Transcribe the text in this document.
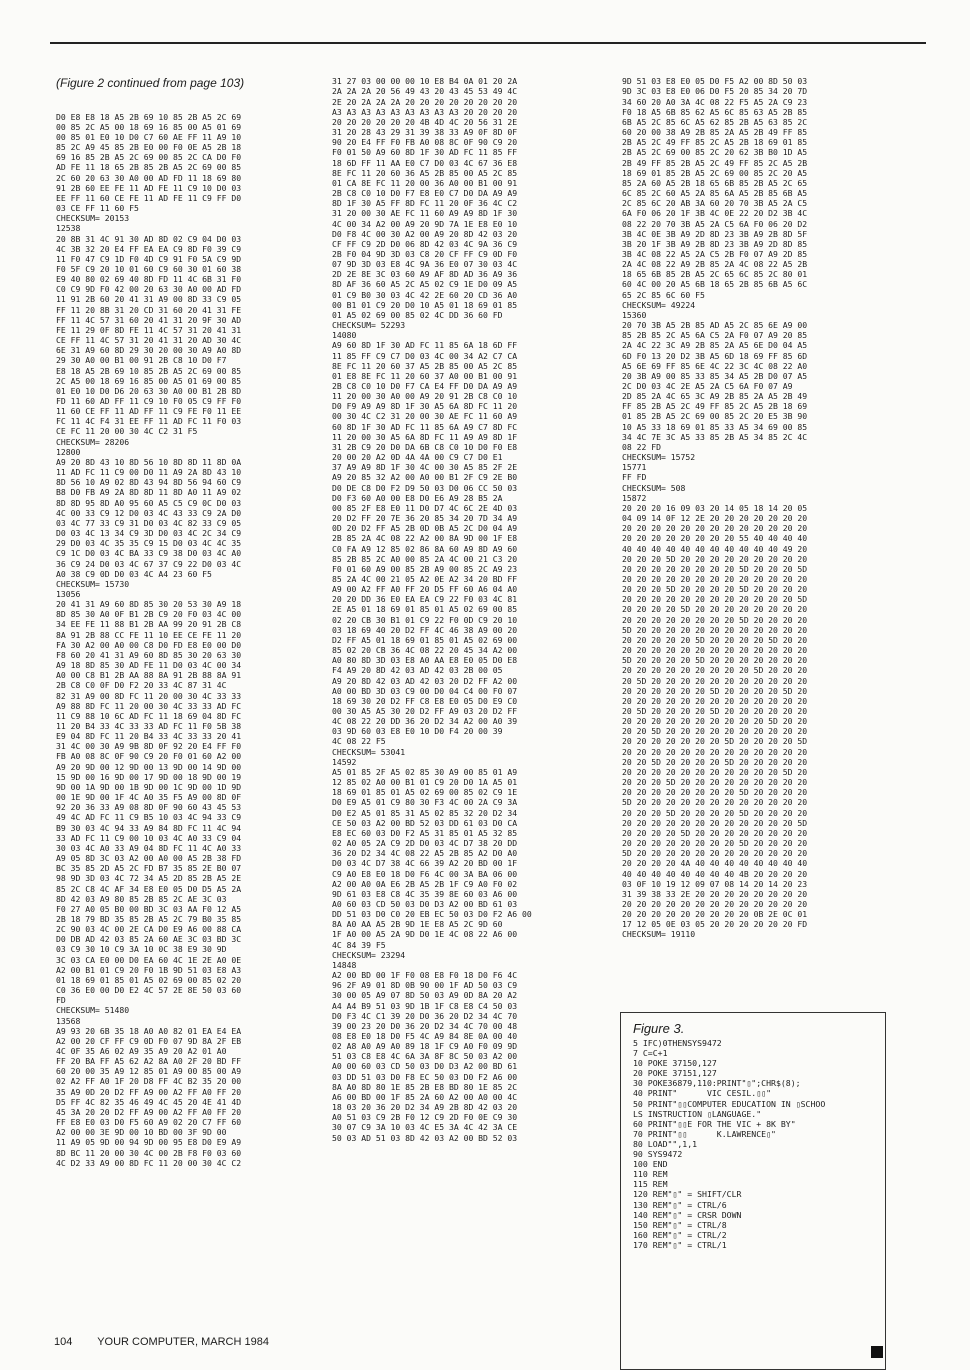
(Figure 2 continued from page 103)

D0 E8 E8 18 A5 2B 69 10 85 2B A5 2C 69
00 85 2C A5 00 18 69 16 85 00 A5 01 69
00 85 01 E0 10 D0 C7 60 AE FF 11 A9 10
85 2C A9 45 85 2B E0 00 F0 0E A5 2B 18
69 16 85 2B A5 2C 69 00 85 2C CA D0 F0
AD FE 11 18 65 2B 85 2B A5 2C 69 00 85
2C 60 20 63 30 A0 00 AD FD 11 18 69 80
91 2B 60 EE FE 11 AD FE 11 C9 10 D0 03
EE FF 11 60 CE FE 11 AD FE 11 C9 FF D0
03 CE FF 11 60 F5
CHECKSUM= 20153
12538
20 8B 31 4C 91 30 AD 8D 02 C9 04 D0 03
4C 3B 32 20 E4 FF EA EA C9 8D F0 39 C9
11 F0 47 C9 1D F0 4D C9 91 F0 5A C9 9D
F0 5F C9 20 10 01 60 C9 60 30 01 60 38
E9 40 80 02 69 40 8D FD 11 4C 6B 31 F0
C0 C9 9D F0 42 00 20 63 30 A0 00 AD FD
11 91 2B 60 20 41 31 A9 00 8D 33 C9 05
FF 11 20 8B 31 20 CD 31 60 20 41 31 FE
FF 11 4C 57 31 60 20 41 31 20 9F 30 AD
FE 11 29 0F 8D FE 11 4C 57 31 20 41 31
CE FF 11 4C 57 31 20 41 31 20 AD 30 4C
6E 31 A9 60 8D 29 30 20 00 30 A9 A0 8D
29 30 A0 00 B1 00 91 2B C8 10 D0 F7
E8 18 A5 2B 69 10 85 2B A5 2C 69 00 85
2C A5 00 18 69 16 85 00 A5 01 69 00 85
01 E0 10 D0 D6 20 63 30 A0 00 B1 2B 8D
FD 11 60 AD FF 11 C9 10 F0 05 C9 FF F0
11 60 CE FF 11 AD FF 11 C9 FE F0 11 EE
FC 11 4C F4 31 EE FF 11 AD FC 11 F0 03
CE FC 11 20 00 30 4C C2 31 F5
CHECKSUM= 28206
12800
A9 20 8D 43 10 8D 56 10 8D 8D 11 8D 0A
11 AD FC 11 C9 00 D0 11 A9 2A 8D 43 10
8D 56 10 A9 02 8D 43 94 8D 56 94 60 C9
B8 D0 FB A9 2A 8D 8D 11 8D A0 11 A9 02
8D 8D 95 8D A0 95 60 A5 C5 C9 0C D0 03
4C 00 33 C9 12 D0 03 4C 43 33 C9 2A D0
03 4C 77 33 C9 31 D0 03 4C 82 33 C9 05
D0 03 4C 13 34 C9 3D D0 03 4C 2C 34 C9
29 D0 03 4C 35 35 C9 15 D0 03 4C 4C 35
C9 1C D0 03 4C BA 33 C9 38 D0 03 4C A0
36 C9 24 D0 03 4C 67 37 C9 22 D0 03 4C
A0 38 C9 0D D0 03 4C A4 23 60 F5
CHECKSUM= 15730
13056
20 41 31 A9 60 8D 85 30 20 53 30 A9 18
8D 85 30 A0 0F B1 2B C9 20 F0 03 4C 00
34 EE FE 11 88 B1 2B AA 99 20 91 2B C8
8A 91 2B 88 CC FE 11 10 EE CE FE 11 20
FA 30 A2 00 A0 00 C8 D0 FD E8 E0 00 D0
F8 60 20 41 31 A9 60 8D 85 30 20 63 30
A9 18 8D 85 30 AD FE 11 D0 03 4C 00 34
A0 00 C8 B1 2B AA 88 8A 91 2B 88 8A 91
2B C8 C0 0F D0 F2 20 33 4C 87 31 4C
82 31 A9 00 8D FC 11 20 00 30 4C 33 33
A9 88 8D FC 11 20 00 30 4C 33 33 AD FC
11 C9 88 10 6C AD FC 11 18 69 04 8D FC
11 20 B4 33 4C 33 33 AD FC 11 F0 5B 38
E9 04 8D FC 11 20 B4 33 4C 33 33 20 41
31 4C 00 30 A9 9B 8D 0F 92 20 E4 FF F0
FB A0 08 8C 0F 90 C9 20 F0 01 60 A2 00
A9 20 9D 00 12 9D 00 13 9D 00 14 9D 00
15 9D 00 16 9D 00 17 9D 00 18 9D 00 19
9D 00 1A 9D 00 1B 9D 00 1C 9D 00 1D 9D
00 1E 9D 00 1F 4C A0 35 F5 A9 00 8D 0F
92 20 36 33 A9 08 8D 0F 90 60 43 45 53
49 4C AD FC 11 C9 B5 10 03 4C 94 33 C9
B9 30 03 4C 94 33 A9 84 8D FC 11 4C 94
33 AD FC 11 C9 00 10 03 4C A0 33 C9 04
30 03 4C A0 33 A9 04 8D FC 11 4C A0 33
A9 05 8D 3C 03 A2 00 A0 00 A5 2B 38 FD
BC 35 85 2D A5 2C FD B7 35 85 2E B0 07
98 9D 3D 03 4C 72 34 A5 2D 85 2B A5 2E
85 2C C8 4C AF 34 E8 E0 05 D0 D5 A5 2A
8D 42 03 A9 80 85 2B 85 2C AE 3C 03
F0 27 A0 05 B0 00 BD 3C 03 AA F0 12 A5
2B 18 79 BD 35 85 2B A5 2C 79 B0 35 85
2C 90 03 4C 00 2E CA D0 E9 A6 00 88 CA
D0 DB AD 42 03 85 2A 60 AE 3C 03 BD 3C
03 C9 30 10 C9 3A 10 0C 38 E9 30 9D
3C 03 CA E0 00 D0 EA 60 4C 1E 2E A0 0E
A2 00 B1 01 C9 20 F0 1B 9D 51 03 E8 A3
01 18 69 01 85 01 A5 02 69 00 85 02 20
C0 36 E0 00 D0 E2 4C 57 2E 8E 50 03 60
FD
CHECKSUM= 51480
13568
A9 93 20 6B 35 18 A0 A0 82 01 EA E4 EA
A2 00 20 CF FF C9 0D F0 07 9D 8A 2F EB
4C 0F 35 A6 02 A9 35 A9 20 A2 01 A0
FF 20 BA FF A5 62 A2 8A A0 2F 20 BD FF
60 20 00 35 A9 12 85 01 A9 00 85 00 A9
02 A2 FF A0 1F 20 D8 FF 4C B2 35 20 00
35 A9 0D 20 D2 FF A9 00 A2 FF A0 FF 20
D5 FF 4C 82 35 46 49 4C 45 20 4E 41 4D
45 3A 20 20 D2 FF A9 00 A2 FF A0 FF 20
FF E8 E0 03 D0 F5 60 A9 02 20 C7 FF 60
A2 00 00 3E 9D 00 10 BD 00 3F 9D 00
11 A9 05 9D 00 94 9D 00 95 E8 D0 E9 A9
8D BC 11 20 00 30 4C 00 2B F8 F0 03 60
4C D2 33 A9 00 8D FC 11 20 00 30 4C C2

31 27 03 00 00 00 10 E8 B4 0A 01 20 2A
2A 2A 2A 20 56 49 43 20 43 45 53 49 4C
2E 20 2A 2A 2A 20 20 20 20 20 20 20 20
A3 A3 A3 A3 A3 A3 A3 A3 A3 20 20 20 20
20 20 20 20 20 20 4B 4D 4C 20 56 31 2E
31 20 28 43 29 31 39 38 33 A9 0F 8D 0F
90 20 E4 FF F0 FB A0 08 8C 0F 90 C9 20
F0 01 50 A9 60 8D 1F 30 AD FC 11 85 FF
18 6D FF 11 AA E0 C7 D0 03 4C 67 36 E8
8E FC 11 20 60 36 A5 2B 85 00 A5 2C 85
01 CA 8E FC 11 20 00 36 A0 00 B1 00 91
2B C8 C0 10 D0 F7 E8 E0 C7 D0 DA A9 A9
8D 1F 30 A5 FF 8D FC 11 20 0F 36 4C C2
31 20 00 30 AE FC 11 60 A9 A9 8D 1F 30
4C 00 34 A2 00 A9 20 9D 7A 1E E8 E0 10
D0 F8 4C 00 30 A2 00 A9 20 8D 42 03 20
CF FF C9 2D D0 06 8D 42 03 4C 9A 36 C9
2B F0 04 9D 3D 03 C8 20 CF FF C9 0D F0
07 9D 3D 03 E8 4C 9A 36 E0 07 30 03 4C
2D 2E 8E 3C 03 60 A9 AF 8D AD 36 A9 36
8D AF 36 60 A5 2C A5 02 C9 1E D0 09 A5
01 C9 B0 30 03 4C 42 2E 60 20 CD 36 A0
00 B1 01 C9 20 D0 10 A5 01 18 69 01 85
01 A5 02 69 00 85 02 4C DD 36 60 FD
CHECKSUM= 52293
14080
A9 60 8D 1F 30 AD FC 11 85 6A 18 6D FF
11 85 FF C9 C7 D0 03 4C 00 34 A2 C7 CA
8E FC 11 20 60 37 A5 2B 85 00 A5 2C 85
01 E8 8E FC 11 20 60 37 A0 00 B1 00 91
2B C8 C0 10 D0 F7 CA E4 FF D0 DA A9 A9
11 20 00 30 A0 00 A9 20 91 2B C8 C0 10
D0 F9 A9 A9 8D 1F 30 A5 6A 8D FC 11 20
00 30 4C C2 31 20 00 30 AE FC 11 60 A9
60 8D 1F 30 AD FC 11 85 6A A9 C7 8D FC
11 20 00 30 A5 6A 8D FC 11 A9 A9 8D 1F
31 2B C9 20 D0 DA 6B C8 C0 10 D0 F0 E8
20 00 20 A2 0D 4A 4A 00 C9 C7 D0 E1
37 A9 A9 8D 1F 30 4C 00 30 A5 85 2F 2E
A9 20 85 32 A2 00 A0 00 B1 2F C9 2E B0
D0 DE C8 D0 F2 D9 50 03 D0 06 CC 50 03
D0 F3 60 A0 00 E8 D0 E6 A9 28 B5 2A
00 85 2F E8 E0 11 D0 D7 4C 6C 2E 4D 03
20 D2 FF 20 7E 36 20 85 34 20 7D 34 A9
0D 20 D2 FF A5 2B 0D 0B A5 2C D0 04 A9
2B 85 2A 4C 08 22 A2 00 8A 9D 00 1F E8
C0 FA A9 12 85 02 86 8A 60 A9 8D A9 60
85 2B 85 2C A0 00 85 2A 4C 00 21 C3 20
F0 01 60 A9 00 85 2B A9 00 85 2C A9 23
85 2A 4C 00 21 05 A2 0E A2 34 20 BD FF
A9 00 A2 FF A0 FF 20 D5 FF 60 A6 04 A0
20 20 DD 36 E0 EA EA C9 22 F0 03 4C 81
2E A5 01 18 69 01 85 01 A5 02 69 00 85
02 20 CB 30 B1 01 C9 22 F0 0D C9 20 10
03 18 69 40 20 D2 FF 4C 46 38 A9 00 20
D2 FF A5 01 18 69 01 85 01 A5 02 69 00
85 02 20 CB 36 4C 08 22 20 45 34 A2 00
A0 80 8D 3D 03 E8 A0 AA E8 E0 05 D0 E8
F4 A9 20 8D 42 03 AD 42 03 2B 00 05
A9 20 8D 42 03 AD 42 03 20 D2 FF A2 00
A0 00 BD 3D 03 C9 00 D0 04 C4 00 F0 07
18 69 30 20 D2 FF C8 E8 E0 05 D0 E9 C0
00 30 A5 A5 30 20 D2 FF A9 03 20 D2 FF
4C 08 22 20 DD 36 20 D2 34 A2 00 A0 39
03 9D 60 03 E8 E0 10 D0 F4 20 00 39
4C 08 22 F5
CHECKSUM= 53041
14592
A5 01 85 2F A5 02 85 30 A9 00 85 01 A9
12 85 02 A0 00 B1 01 C9 20 D0 1A A5 01
18 69 01 85 01 A5 02 69 00 85 02 C9 1E
D0 E9 A5 01 C9 80 30 F3 4C 00 2A C9 3A
D0 E2 A5 01 85 31 A5 02 85 32 20 D2 34
CE 50 03 A2 00 BD 52 03 DD 61 03 D0 CA
E8 EC 60 03 D0 F2 A5 31 85 01 A5 32 85
02 A0 05 2A C9 2D D0 03 4C D7 38 20 DD
36 20 D2 34 4C 08 22 A5 2B 85 A2 D0 A0
D0 03 4C D7 38 4C 66 39 A2 20 BD 00 1F
C9 A0 E8 E0 18 D0 F6 4C 00 3A BA 06 00
A2 00 A0 0A E6 2B A5 2B 1F C9 A0 F0 02
9D 61 03 E8 C8 4C 35 39 8E 60 03 A6 00
A0 60 03 CD 50 03 D0 D3 A2 00 BD 61 03
DD 51 03 D0 C0 20 EB EC 50 03 D0 F2 A6 00
8A A0 AA A5 2B 9D 1E E8 A5 2C 9D 60
1F A0 00 A5 2A 9D D0 1E 4C 08 22 A6 00
4C 84 39 F5
CHECKSUM= 23294
14848
A2 00 BD 00 1F F0 08 E8 F0 18 D0 F6 4C
96 2F A9 01 8D 0B 90 00 1F AD 50 03 C9
30 00 05 A9 07 8D 50 03 A9 0D 8A 20 A2
A4 A4 B9 51 03 9D 1B 1F C8 E8 C4 50 03
D0 F3 4C C1 39 20 D0 36 20 D2 34 4C 70
39 00 23 20 D0 36 20 D2 34 4C 70 00 48
08 E8 E0 18 D0 F5 4C A9 84 8E 0A 00 40
02 A8 A0 A9 A0 89 18 1F C9 A0 F0 09 9D
51 03 C8 E8 4C 6A 3A 8F 8C 50 03 A2 00
A0 00 60 03 CD 50 03 D0 D3 A2 00 BD 61
03 DD 51 03 D0 F8 EC 50 03 D0 F2 A6 00
8A A0 8D 80 1E 85 2B E8 BD 80 1E 85 2C
A6 00 BD 00 1F 85 2A 60 A2 00 A0 00 4C
18 03 20 36 20 D2 34 A9 2B 8D 42 03 20
A0 51 03 C9 2B F0 12 C9 2D F0 0E C9 30
30 07 C9 3A 10 03 4C E5 3A 4C 42 3A CE
50 03 AD 51 03 8D 42 03 A2 00 BD 52 03

9D 51 03 E8 E0 05 D0 F5 A2 00 8D 50 03
9D 3C 03 E8 E0 06 D0 F5 20 85 34 20 7D
34 60 20 A0 3A 4C 08 22 F5 A5 2A C9 23
F0 18 A5 6B 85 62 A5 6C 85 63 A5 2B 85
6B A5 2C 85 6C A5 62 85 2B A5 63 85 2C
60 20 00 38 A9 2B 85 2A A5 2B 49 FF 85
2B A5 2C 49 FF 85 2C A5 2B 18 69 01 85
2B A5 2C 69 00 85 2C 20 62 3B B0 1D A5
2B 49 FF 85 2B A5 2C 49 FF 85 2C A5 2B
18 69 01 85 2B A5 2C 69 00 85 2C 20 A5
85 2A 60 A5 2B 18 65 6B 85 2B A5 2C 65
6C 85 2C 60 A5 2A 85 6A A5 2B 85 6B A5
2C 85 6C 20 AB 3A 60 20 70 3B A5 2A C5
6A F0 06 20 1F 3B 4C 0E 22 20 D2 3B 4C
08 22 20 70 3B A5 2A C5 6A F0 06 20 D2
3B 4C 0E 3B A9 2D 8D 23 3B A9 2B 8D 5F
3B 20 1F 3B A9 2B 8D 23 3B A9 2D 8D 85
3B 4C 08 22 A5 2A C5 2B F0 07 A9 2D 85
2A 4C 08 22 A9 2B 85 2A 4C 08 22 A5 2B
18 65 6B 85 2B A5 2C 65 6C 85 2C 80 01
60 4C 00 20 A5 6B 18 65 2B 85 6B A5 6C
65 2C 85 6C 60 F5
CHECKSUM= 49224
15360
20 70 3B A5 2B 85 AD A5 2C 85 6E A9 00
85 2B 85 2C A5 6A C5 2A F0 07 A9 20 85
2A 4C 22 3C A9 2B 85 2A A5 6E D0 04 A5
6D F0 13 20 D2 3B A5 6D 18 69 FF 85 6D
A5 6E 69 FF 85 6E 4C 22 3C 4C 08 22 A0
20 3B A9 00 85 33 85 34 A5 2B D0 07 A5
2C D0 03 4C 2E A5 2A C5 6A F0 07 A9
2D 85 2A 4C 65 3C A9 2B 85 2A A5 2B 49
FF 85 2B A5 2C 49 FF 85 2C A5 2B 18 69
01 85 2B A5 2C 69 00 85 2C 20 E5 3B 90
10 A5 33 18 69 01 85 33 A5 34 69 00 85
34 4C 7E 3C A5 33 85 2B A5 34 85 2C 4C
08 22 FD
CHECKSUM= 15752
15771
FF FD
CHECKSUM= 508
15872
20 20 20 16 09 03 20 14 05 18 14 20 05
04 09 14 0F 12 2E 20 20 20 20 20 20 20
20 20 20 20 20 20 20 20 20 20 20 20 20
20 20 20 20 20 20 20 20 55 40 40 40 40
40 40 40 40 40 40 40 40 40 40 40 49 20
20 20 20 5D 20 20 20 20 20 20 20 20 20
20 20 20 20 20 20 20 20 5D 20 20 20 5D
20 20 20 20 20 20 20 20 20 20 20 20 20
20 20 20 5D 20 20 20 20 5D 20 20 20 20
20 20 20 20 20 20 20 20 20 20 20 20 5D
20 20 20 20 5D 20 20 20 20 20 20 20 20
20 20 20 20 20 20 20 20 5D 20 20 20 20
5D 20 20 20 20 20 20 20 20 20 20 20 20
20 20 20 20 20 5D 20 20 20 20 5D 20 20
20 20 20 20 20 20 20 20 20 20 20 20 20
5D 20 20 20 20 5D 20 20 20 20 20 20 20
20 20 20 20 20 20 20 20 20 5D 20 20 20
20 5D 20 20 20 20 20 20 20 20 20 20 20
20 20 20 20 20 20 5D 20 20 20 20 5D 20
20 20 20 20 20 20 20 20 20 20 20 20 20
20 5D 20 20 20 20 5D 20 20 20 20 20 20
20 20 20 20 20 20 20 20 20 20 5D 20 20
20 20 5D 20 20 20 20 20 20 20 20 20 20
20 20 20 20 20 20 20 5D 20 20 20 20 5D
20 20 20 20 20 20 20 20 20 20 20 20 20
20 20 5D 20 20 20 20 5D 20 20 20 20 20
20 20 20 20 20 20 20 20 20 20 20 5D 20
20 20 20 5D 20 20 20 20 20 20 20 20 20
20 20 20 20 20 20 20 20 5D 20 20 20 20
5D 20 20 20 20 20 20 20 20 20 20 20 20
20 20 20 5D 20 20 20 20 5D 20 20 20 20
20 20 20 20 20 20 20 20 20 20 20 20 5D
20 20 20 20 5D 20 20 20 20 20 20 20 20
20 20 20 20 20 20 20 20 5D 20 20 20 20
5D 20 20 20 20 20 20 20 20 20 20 20 20
20 20 20 20 4A 40 40 40 40 40 40 40 40
40 40 40 40 40 40 40 40 4B 20 20 20 20
03 0F 10 19 12 09 07 08 14 20 14 20 23
31 39 38 33 2E 20 20 20 20 20 20 20 20
20 20 20 20 20 20 20 20 20 20 20 20 20
20 20 20 20 20 20 20 20 20 0B 2E 0C 01
17 12 05 0E 03 05 20 20 20 20 20 20 FD
CHECKSUM= 19110

Figure 3.
5 IFC)0THENSYS9472
7 C=C+1
10 POKE 37150,127
20 POKE 37151,127
30 POKE36879,110:PRINT"▯";CHR$(8);
40 PRINT"      VIC CESIL.▯▯"
50 PRINT"▯▯COMPUTER EDUCATION IN ▯SCHOO
LS INSTRUCTION ▯LANGUAGE."
60 PRINT"▯▯E FOR THE VIC + 8K BY"
70 PRINT"▯▯      K.LAWRENCE▯"
80 LOAD"",1,1
90 SYS9472
100 END
110 REM
115 REM
120 REM"▯" = SHIFT/CLR
130 REM"▯" = CTRL/6
140 REM"▯" = CRSR DOWN
150 REM"▯" = CTRL/8
160 REM"▯" = CTRL/2
170 REM"▯" = CTRL/1
104 YOUR COMPUTER, MARCH 1984
